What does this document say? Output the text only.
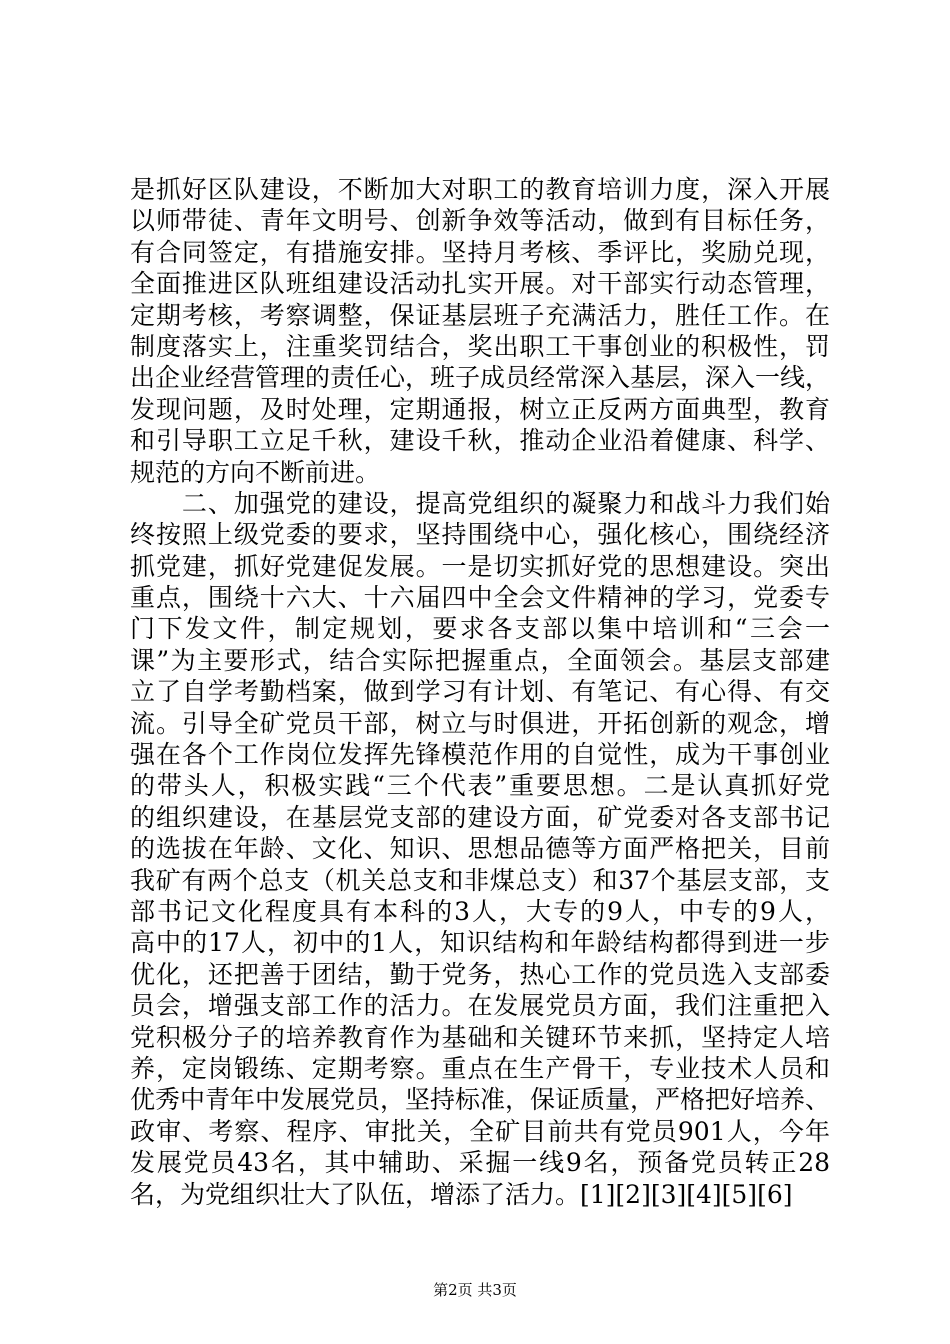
是抓好区队建设，不断加大对职工的教育培训力度，深入开展
以师带徒、青年文明号、创新争效等活动，做到有目标任务，
有合同签定，有措施安排。坚持月考核、季评比，奖励兑现，
全面推进区队班组建设活动扎实开展。对干部实行动态管理，
定期考核，考察调整，保证基层班子充满活力，胜任工作。在
制度落实上，注重奖罚结合，奖出职工干事创业的积极性，罚
出企业经营管理的责任心，班子成员经常深入基层，深入一线，
发现问题，及时处理，定期通报，树立正反两方面典型，教育
和引导职工立足千秋，建设千秋，推动企业沿着健康、科学、
规范的方向不断前进。
　　二、加强党的建设，提高党组织的凝聚力和战斗力我们始
终按照上级党委的要求，坚持围绕中心，强化核心，围绕经济
抓党建，抓好党建促发展。一是切实抓好党的思想建设。突出
重点，围绕十六大、十六届四中全会文件精神的学习，党委专
门下发文件，制定规划，要求各支部以集中培训和“三会一
课”为主要形式，结合实际把握重点，全面领会。基层支部建
立了自学考勤档案，做到学习有计划、有笔记、有心得、有交
流。引导全矿党员干部，树立与时俱进，开拓创新的观念，增
强在各个工作岗位发挥先锋模范作用的自觉性，成为干事创业
的带头人，积极实践“三个代表”重要思想。二是认真抓好党
的组织建设，在基层党支部的建设方面，矿党委对各支部书记
的选拔在年龄、文化、知识、思想品德等方面严格把关，目前
我矿有两个总支（机关总支和非煤总支）和37个基层支部，支
部书记文化程度具有本科的3人，大专的9人，中专的9人，
高中的17人，初中的1人，知识结构和年龄结构都得到进一步
优化，还把善于团结，勤于党务，热心工作的党员选入支部委
员会，增强支部工作的活力。在发展党员方面，我们注重把入
党积极分子的培养教育作为基础和关键环节来抓，坚持定人培
养，定岗锻练、定期考察。重点在生产骨干，专业技术人员和
优秀中青年中发展党员，坚持标准，保证质量，严格把好培养、
政审、考察、程序、审批关，全矿目前共有党员901人，今年
发展党员43名，其中辅助、采掘一线9名，预备党员转正28
名，为党组织壮大了队伍，增添了活力。[1][2][3][4][5][6]
第2页 共3页
